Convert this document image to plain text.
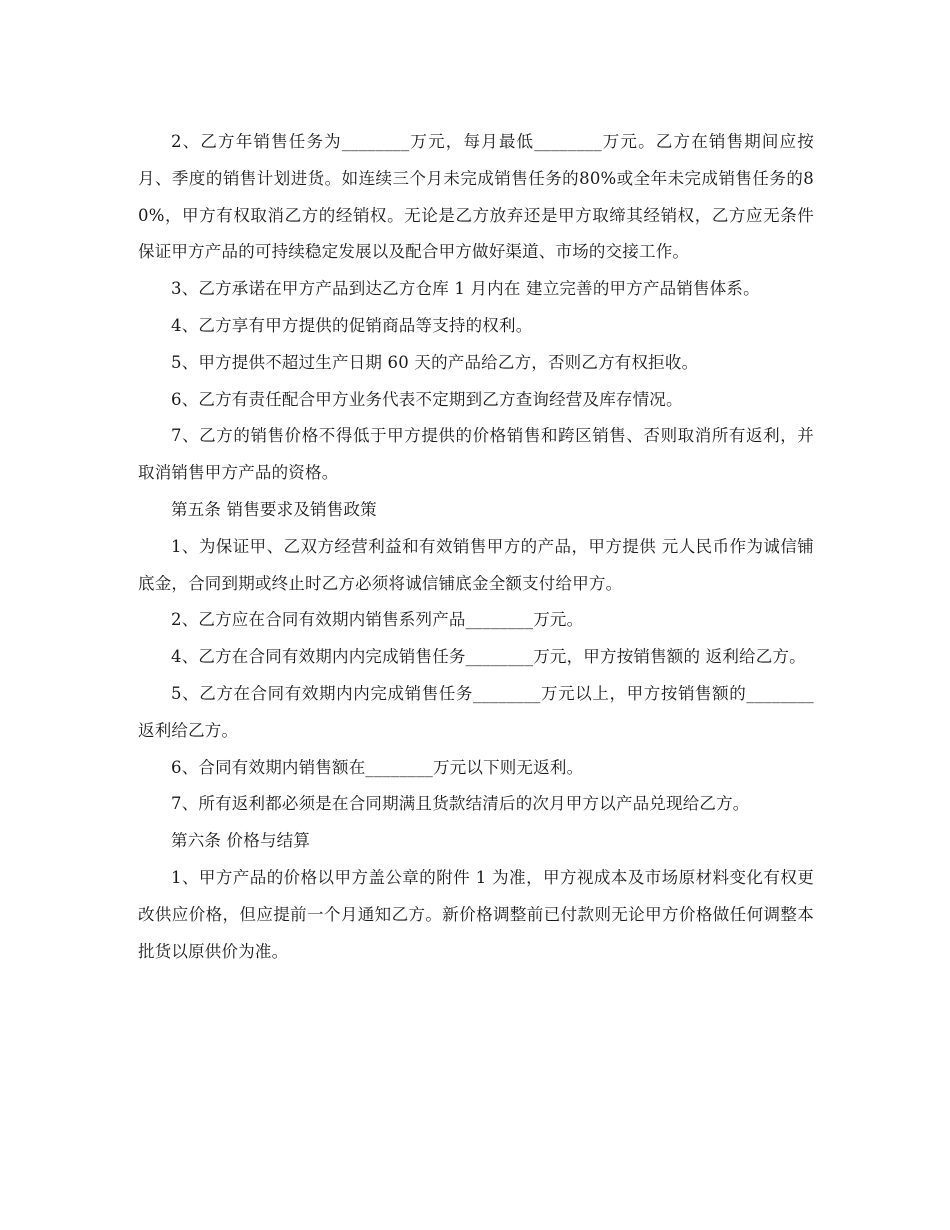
2、乙方年销售任务为________万元，每月最低________万元。乙方在销售期间应按月、季度的销售计划进货。如连续三个月未完成销售任务的80%或全年未完成销售任务的80%，甲方有权取消乙方的经销权。无论是乙方放弃还是甲方取缔其经销权，乙方应无条件保证甲方产品的可持续稳定发展以及配合甲方做好渠道、市场的交接工作。

3、乙方承诺在甲方产品到达乙方仓库 1 月内在 建立完善的甲方产品销售体系。

4、乙方享有甲方提供的促销商品等支持的权利。

5、甲方提供不超过生产日期 60 天的产品给乙方，否则乙方有权拒收。

6、乙方有责任配合甲方业务代表不定期到乙方查询经营及库存情况。

7、乙方的销售价格不得低于甲方提供的价格销售和跨区销售、否则取消所有返利，并取消销售甲方产品的资格。

第五条 销售要求及销售政策

1、为保证甲、乙双方经营利益和有效销售甲方的产品，甲方提供 元人民币作为诚信铺底金，合同到期或终止时乙方必须将诚信铺底金全额支付给甲方。

2、乙方应在合同有效期内销售系列产品________万元。

4、乙方在合同有效期内内完成销售任务________万元，甲方按销售额的 返利给乙方。

5、乙方在合同有效期内内完成销售任务________万元以上，甲方按销售额的________返利给乙方。

6、合同有效期内销售额在________万元以下则无返利。

7、所有返利都必须是在合同期满且货款结清后的次月甲方以产品兑现给乙方。

第六条 价格与结算

1、甲方产品的价格以甲方盖公章的附件 1 为准，甲方视成本及市场原材料变化有权更改供应价格，但应提前一个月通知乙方。新价格调整前已付款则无论甲方价格做任何调整本批货以原供价为准。
